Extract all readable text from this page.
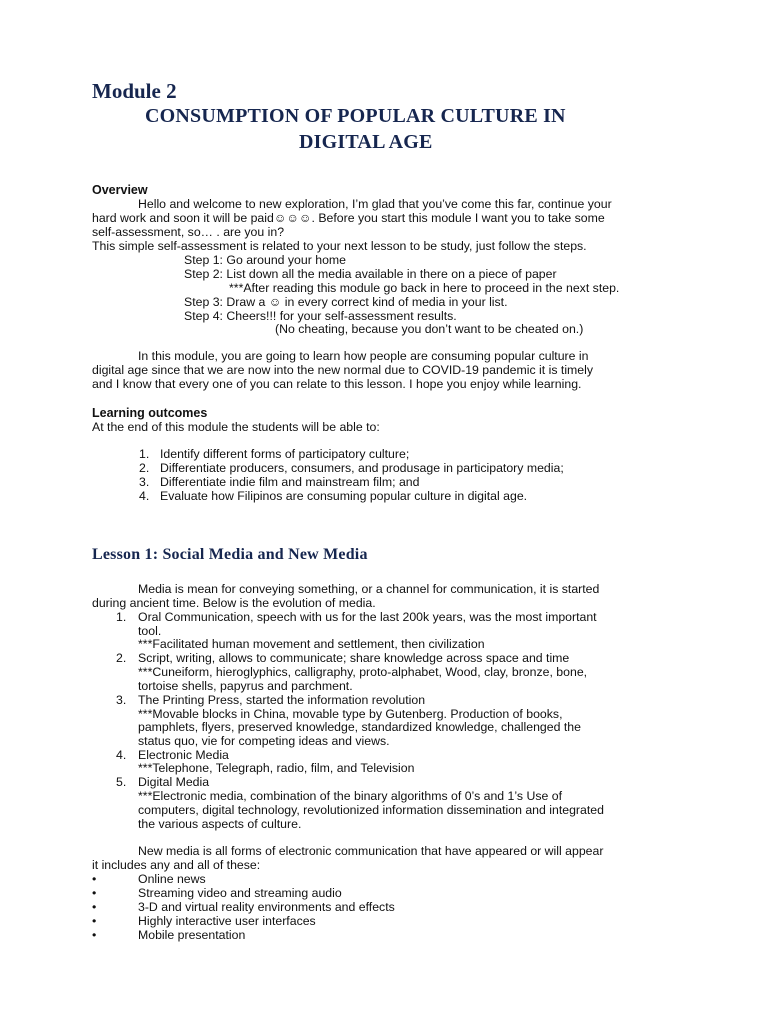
Module 2
CONSUMPTION OF POPULAR CULTURE IN
DIGITAL AGE
Overview
Hello and welcome to new exploration, I’m glad that you’ve come this far, continue your
hard work and soon it will be paid☺☺☺. Before you start this module I want you to take some
self-assessment, so… . are you in?
This simple self-assessment is related to your next lesson to be study, just follow the steps.
Step 1: Go around your home
Step 2: List down all the media available in there on a piece of paper
***After reading this module go back in here to proceed in the next step.
Step 3: Draw a ☺ in every correct kind of media in your list.
Step 4: Cheers!!! for your self-assessment results.
(No cheating, because you don’t want to be cheated on.)
In this module, you are going to learn how people are consuming popular culture in
digital age since that we are now into the new normal due to COVID-19 pandemic it is timely
and I know that every one of you can relate to this lesson. I hope you enjoy while learning.
Learning outcomes
At the end of this module the students will be able to:
1. Identify different forms of participatory culture;
2. Differentiate producers, consumers, and produsage in participatory media;
3. Differentiate indie film and mainstream film; and
4. Evaluate how Filipinos are consuming popular culture in digital age.
Lesson 1: Social Media and New Media
Media is mean for conveying something, or a channel for communication, it is started
during ancient time. Below is the evolution of media.
1. Oral Communication, speech with us for the last 200k years, was the most important
tool.
***Facilitated human movement and settlement, then civilization
2. Script, writing, allows to communicate; share knowledge across space and time
***Cuneiform, hieroglyphics, calligraphy, proto-alphabet, Wood, clay, bronze, bone,
tortoise shells, papyrus and parchment.
3. The Printing Press, started the information revolution
***Movable blocks in China, movable type by Gutenberg. Production of books,
pamphlets, flyers, preserved knowledge, standardized knowledge, challenged the
status quo, vie for competing ideas and views.
4. Electronic Media
***Telephone, Telegraph, radio, film, and Television
5. Digital Media
***Electronic media, combination of the binary algorithms of 0’s and 1’s Use of
computers, digital technology, revolutionized information dissemination and integrated
the various aspects of culture.
New media is all forms of electronic communication that have appeared or will appear
it includes any and all of these:
•	Online news
•	Streaming video and streaming audio
•	3-D and virtual reality environments and effects
•	Highly interactive user interfaces
•	Mobile presentation
